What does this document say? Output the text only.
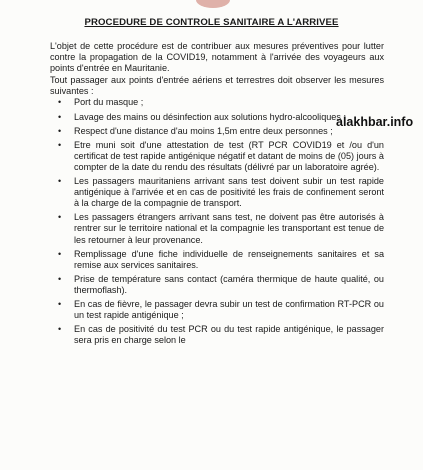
PROCEDURE DE CONTROLE SANITAIRE A L'ARRIVEE
alakhbar.info

L'objet de cette procédure est de contribuer aux mesures préventives pour lutter contre la propagation de la COVID19, notamment à l'arrivée des voyageurs aux points d'entrée en Mauritanie.

Tout passager aux points d'entrée aériens et terrestres doit observer les mesures suivantes :

• Port du masque ;
• Lavage des mains ou désinfection aux solutions hydro-alcooliques ;
• Respect d'une distance d'au moins 1,5m entre deux personnes ;
• Etre muni soit d'une attestation de test (RT PCR COVID19 et /ou d'un certificat de test rapide antigénique négatif et datant de moins de (05) jours à compter de la date du rendu des résultats (délivré par un laboratoire agrée).
• Les passagers mauritaniens arrivant sans test doivent subir un test rapide antigénique à l'arrivée et en cas de positivité les frais de confinement seront à la charge de la compagnie de transport.
• Les passagers étrangers arrivant sans test, ne doivent pas être autorisés à rentrer sur le territoire national et la compagnie les transportant est tenue de les retourner à leur provenance.
• Remplissage d'une fiche individuelle de renseignements sanitaires et sa remise aux services sanitaires.
• Prise de température sans contact (caméra thermique de haute qualité, ou thermoflash).
• En cas de fièvre, le passager devra subir un test de confirmation RT-PCR ou un test rapide antigénique ;
• En cas de positivité du test PCR ou du test rapide antigénique, le passager sera pris en charge selon le
